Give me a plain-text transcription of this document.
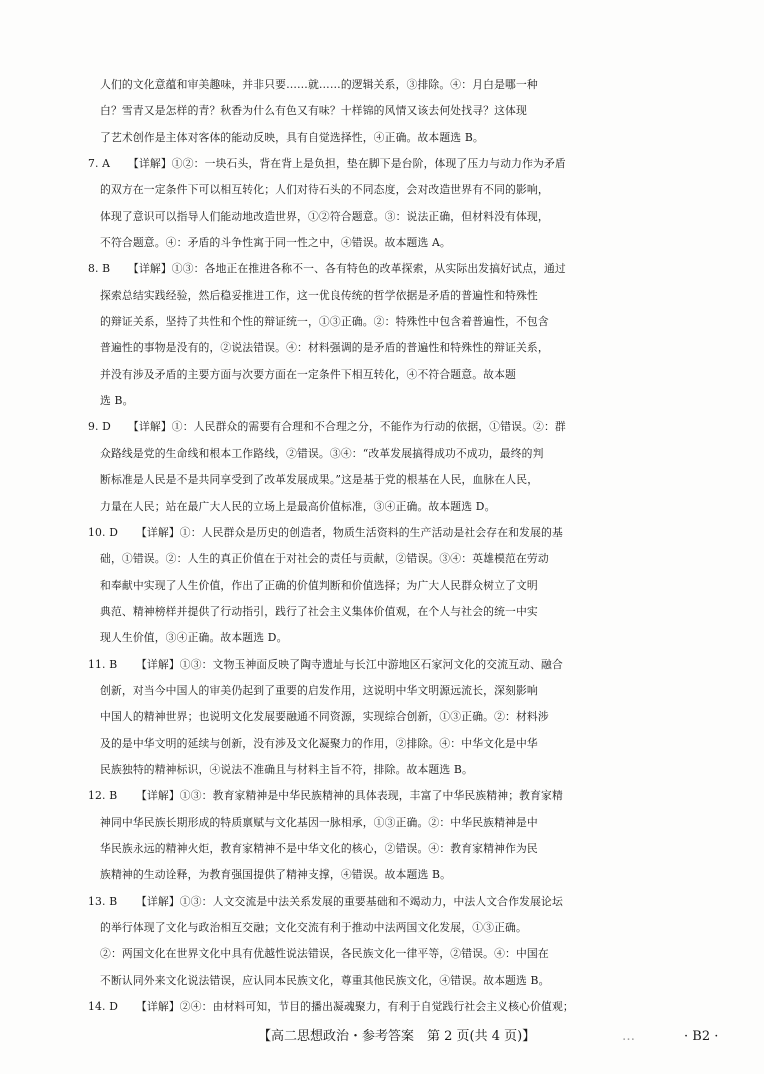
人们的文化意蕴和审美趣味，并非只要……就……的逻辑关系，③排除。④：月白是哪一种
白？雪青又是怎样的青？秋香为什么有色又有味？十样锦的风情又该去何处找寻？这体现
了艺术创作是主体对客体的能动反映，具有自觉选择性，④正确。故本题选 B。
7. A 【详解】①②：一块石头，背在背上是负担，垫在脚下是台阶，体现了压力与动力作为矛盾
的双方在一定条件下可以相互转化；人们对待石头的不同态度，会对改造世界有不同的影响，
体现了意识可以指导人们能动地改造世界，①②符合题意。③：说法正确，但材料没有体现，
不符合题意。④：矛盾的斗争性寓于同一性之中，④错误。故本题选 A。
8. B 【详解】①③：各地正在推进各称不一、各有特色的改革探索，从实际出发搞好试点，通过
探索总结实践经验，然后稳妥推进工作，这一优良传统的哲学依据是矛盾的普遍性和特殊性
的辩证关系，坚持了共性和个性的辩证统一，①③正确。②：特殊性中包含着普遍性，不包含
普遍性的事物是没有的，②说法错误。④：材料强调的是矛盾的普遍性和特殊性的辩证关系，
并没有涉及矛盾的主要方面与次要方面在一定条件下相互转化，④不符合题意。故本题
选 B。
9. D 【详解】①：人民群众的需要有合理和不合理之分，不能作为行动的依据，①错误。②：群
众路线是党的生命线和根本工作路线，②错误。③④：“改革发展搞得成功不成功，最终的判
断标准是人民是不是共同享受到了改革发展成果。”这是基于党的根基在人民，血脉在人民，
力量在人民；站在最广大人民的立场上是最高价值标准，③④正确。故本题选 D。
10. D 【详解】①：人民群众是历史的创造者，物质生活资料的生产活动是社会存在和发展的基
础，①错误。②：人生的真正价值在于对社会的责任与贡献，②错误。③④：英雄模范在劳动
和奉献中实现了人生价值，作出了正确的价值判断和价值选择；为广大人民群众树立了文明
典范、精神榜样并提供了行动指引，践行了社会主义集体价值观，在个人与社会的统一中实
现人生价值，③④正确。故本题选 D。
11. B 【详解】①③：文物玉神面反映了陶寺遗址与长江中游地区石家河文化的交流互动、融合
创新，对当今中国人的审美仍起到了重要的启发作用，这说明中华文明源远流长，深刻影响
中国人的精神世界；也说明文化发展要融通不同资源，实现综合创新，①③正确。②：材料涉
及的是中华文明的延续与创新，没有涉及文化凝聚力的作用，②排除。④：中华文化是中华
民族独特的精神标识，④说法不准确且与材料主旨不符，排除。故本题选 B。
12. B 【详解】①③：教育家精神是中华民族精神的具体表现，丰富了中华民族精神；教育家精
神同中华民族长期形成的特质禀赋与文化基因一脉相承，①③正确。②：中华民族精神是中
华民族永远的精神火炬，教育家精神不是中华文化的核心，②错误。④：教育家精神作为民
族精神的生动诠释，为教育强国提供了精神支撑，④错误。故本题选 B。
13. B 【详解】①③：人文交流是中法关系发展的重要基础和不竭动力，中法人文合作发展论坛
的举行体现了文化与政治相互交融；文化交流有利于推动中法两国文化发展，①③正确。
②：两国文化在世界文化中具有优越性说法错误，各民族文化一律平等，②错误。④：中国在
不断认同外来文化说法错误，应认同本民族文化，尊重其他民族文化，④错误。故本题选 B。
14. D 【详解】②④：由材料可知，节目的播出凝魂聚力，有利于自觉践行社会主义核心价值观；
【高二思想政治・参考答案　第 2 页(共 4 页)】	…	· B2 ·
